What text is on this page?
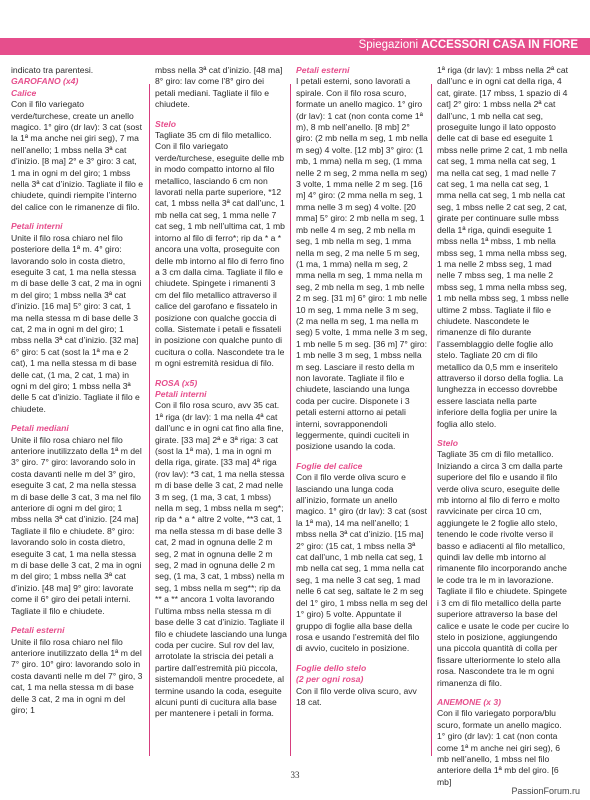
Spiegazioni ACCESSORI CASA IN FIORE

indicato tra parentesi.

GAROFANO (x4)
Calice

Con il filo variegato verde/turchese, create un anello magico. 1° giro (dr lav): 3 cat (sost la 1ª ma anche nei giri seg), 7 ma nell’anello; 1 mbss nella 3ª cat d’inizio. [8 ma] 2° e 3° giro: 3 cat, 1 ma in ogni m del giro; 1 mbss nella 3ª cat d’inizio. Tagliate il filo e chiudete, quindi riempite l’interno del calice con le rimanenze di filo.

Petali interni

Unite il filo rosa chiaro nel filo posteriore della 1ª m. 4° giro: lavorando solo in costa dietro, eseguite 3 cat, 1 ma nella stessa m di base delle 3 cat, 2 ma in ogni m del giro; 1 mbss nella 3ª cat d’inizio. [16 ma] 5° giro: 3 cat, 1 ma nella stessa m di base delle 3 cat, 2 ma in ogni m del giro; 1 mbss nella 3ª cat d’inizio. [32 ma] 6° giro: 5 cat (sost la 1ª ma e 2 cat), 1 ma nella stessa m di base delle cat, (1 ma, 2 cat, 1 ma) in ogni m del giro; 1 mbss nella 3ª delle 5 cat d’inizio. Tagliate il filo e chiudete.

Petali mediani

Unite il filo rosa chiaro nel filo anteriore inutilizzato della 1ª m del 3° giro. 7° giro: lavorando solo in costa davanti nelle m del 3° giro, eseguite 3 cat, 2 ma nella stessa m di base delle 3 cat, 3 ma nel filo anteriore di ogni m del giro; 1 mbss nella 3ª cat d’inizio. [24 ma] Tagliate il filo e chiudete. 8° giro: lavorando solo in costa dietro, eseguite 3 cat, 1 ma nella stessa m di base delle 3 cat, 2 ma in ogni m del giro; 1 mbss nella 3ª cat d’inizio. [48 ma] 9° giro: lavorate come il 6° giro dei petali interni. Tagliate il filo e chiudete.

Petali esterni

Unite il filo rosa chiaro nel filo anteriore inutilizzato della 1ª m del 7° giro. 10° giro: lavorando solo in costa davanti nelle m del 7° giro, 3 cat, 1 ma nella stessa m di base delle 3 cat, 2 ma in ogni m del giro; 1

mbss nella 3ª cat d’inizio. [48 ma] 8° giro: lav come l’8° giro dei petali mediani. Tagliate il filo e chiudete.

Stelo

Tagliate 35 cm di filo metallico. Con il filo variegato verde/turchese, eseguite delle mb in modo compatto intorno al filo metallico, lasciando 6 cm non lavorati nella parte superiore, *12 cat, 1 mbss nella 3ª cat dall’unc, 1 mb nella cat seg, 1 mmа nelle 7 cat seg, 1 mb nell’ultima cat, 1 mb intorno al filo di ferro*; rip da * a * ancora una volta, proseguite con delle mb intorno al filo di ferro fino a 3 cm dalla cima. Tagliate il filo e chiudete. Spingete i rimanenti 3 cm del filo metallico attraverso il calice del garofano e fissatelo in posizione con qualche goccia di colla. Sistemate i petali e fissateli in posizione con qualche punto di cucitura o colla. Nascondete tra le m ogni estremità residua di filo.

ROSA (x5)
Petali interni

Con il filo rosa scuro, avv 35 cat. 1ª riga (dr lav): 1 ma nella 4ª cat dall’unc e in ogni cat fino alla fine, girate. [33 ma] 2ª e 3ª riga: 3 cat (sost la 1ª ma), 1 ma in ogni m della riga, girate. [33 ma] 4ª riga (rov lav): *3 cat, 1 ma nella stessa m di base delle 3 cat, 2 mad nelle 3 m seg, (1 ma, 3 cat, 1 mbss) nella m seg, 1 mbss nella m seg*; rip da * a * altre 2 volte, **3 cat, 1 ma nella stessa m di base delle 3 cat, 2 mad in ognuna delle 2 m seg, 2 mat in ognuna delle 2 m seg, 2 mad in ognuna delle 2 m seg, (1 ma, 3 cat, 1 mbss) nella m seg, 1 mbss nella m seg**; rip da ** a ** ancora 1 volta lavorando l’ultima mbss nella stessa m di base delle 3 cat d’inizio. Tagliate il filo e chiudete lasciando una lunga coda per cucire. Sul rov del lav, arrotolate la striscia dei petali a partire dall’estremità più piccola, sistemandoli mentre procedete, al termine usando la coda, eseguite alcuni punti di cucitura alla base per mantenere i petali in forma.

Petali esterni

I petali esterni, sono lavorati a spirale. Con il filo rosa scuro, formate un anello magico. 1° giro (dr lav): 1 cat (non conta come 1ª m), 8 mb nell’anello. [8 mb] 2° giro: (2 mb nella m seg, 1 mb nella m seg) 4 volte. [12 mb] 3° giro: (1 mb, 1 mma) nella m seg, (1 mma nelle 2 m seg, 2 mma nella m seg) 3 volte, 1 mma nelle 2 m seg. [16 m] 4° giro: (2 mma nella m seg, 1 mma nelle 3 m seg) 4 volte. [20 mma] 5° giro: 2 mb nella m seg, 1 mb nelle 4 m seg, 2 mb nella m seg, 1 mb nella m seg, 1 mma nella m seg, 2 ma nelle 5 m seg, (1 ma, 1 mma) nella m seg, 2 mma nella m seg, 1 mma nella m seg, 2 mb nella m seg, 1 mb nelle 2 m seg. [31 m] 6° giro: 1 mb nelle 10 m seg, 1 mma nelle 3 m seg, (2 ma nella m seg, 1 ma nella m seg) 5 volte, 1 mma nelle 3 m seg, 1 mb nelle 5 m seg. [36 m] 7° giro: 1 mb nelle 3 m seg, 1 mbss nella m seg. Lasciare il resto della m non lavorate. Tagliate il filo e chiudete, lasciando una lunga coda per cucire. Disponete i 3 petali esterni attorno ai petali interni, sovrapponendoli leggermente, quindi cuciteli in posizione usando la coda.

Foglie del calice

Con il filo verde oliva scuro e lasciando una lunga coda all’inizio, formate un anello magico. 1° giro (dr lav): 3 cat (sost la 1ª ma), 14 ma nell’anello; 1 mbss nella 3ª cat d’inizio. [15 ma] 2° giro: (15 cat, 1 mbss nella 3ª cat dall’unc, 1 mb nella cat seg, 1 mb nella cat seg, 1 mma nella cat seg, 1 ma nelle 3 cat seg, 1 mad nelle 6 cat seg, saltate le 2 m seg del 1° giro, 1 mbss nella m seg del 1° giro) 5 volte. Appuntate il gruppo di foglie alla base della rosa e usando l’estremità del filo di avvio, cucitelo in posizione.

Foglie dello stelo
(2 per ogni rosa)

Con il filo verde oliva scuro, avv 18 cat.

1ª riga (dr lav): 1 mbss nella 2ª cat dall’unc e in ogni cat della riga, 4 cat, girate. [17 mbss, 1 spazio di 4 cat] 2° giro: 1 mbss nella 2ª cat dall’unc, 1 mb nella cat seg, proseguite lungo il lato opposto delle cat di base ed eseguite 1 mbss nelle prime 2 cat, 1 mb nella cat seg, 1 mma nella cat seg, 1 ma nella cat seg, 1 mad nelle 7 cat seg, 1 ma nella cat seg, 1 mma nella cat seg, 1 mb nella cat seg, 1 mbss nelle 2 cat seg, 2 cat, girate per continuare sulle mbss della 1ª riga, quindi eseguite 1 mbss nella 1ª mbss, 1 mb nella mbss seg, 1 mma nella mbss seg, 1 ma nelle 2 mbss seg, 1 mad nelle 7 mbss seg, 1 ma nelle 2 mbss seg, 1 mma nella mbss seg, 1 mb nella mbss seg, 1 mbss nelle ultime 2 mbss. Tagliate il filo e chiudete. Nascondete le rimanenze di filo durante l’assemblaggio delle foglie allo stelo. Tagliate 20 cm di filo metallico da 0,5 mm e inseritelo attraverso il dorso della foglia. La lunghezza in eccesso dovrebbe essere lasciata nella parte inferiore della foglia per unire la foglia allo stelo.

Stelo

Tagliate 35 cm di filo metallico. Iniziando a circa 3 cm dalla parte superiore del filo e usando il filo verde oliva scuro, eseguite delle mb intorno al filo di ferro e molto ravvicinate per circa 10 cm, aggiungete le 2 foglie allo stelo, tenendo le code rivolte verso il basso e adiacenti al filo metallico, quindi lav delle mb intorno al rimanente filo incorporando anche le code tra le m in lavorazione. Tagliate il filo e chiudete. Spingete i 3 cm di filo metallico della parte superiore attraverso la base del calice e usate le code per cucire lo stelo in posizione, aggiungendo una piccola quantità di colla per fissare ulteriormente lo stelo alla rosa. Nascondete tra le m ogni rimanenza di filo.

ANEMONE (x 3)

Con il filo variegato porpora/blu scuro, formate un anello magico. 1° giro (dr lav): 1 cat (non conta come 1ª m anche nei giri seg), 6 mb nell’anello, 1 mbss nel filo anteriore della 1ª mb del giro. [6 mb]

33
PassionForum.ru
